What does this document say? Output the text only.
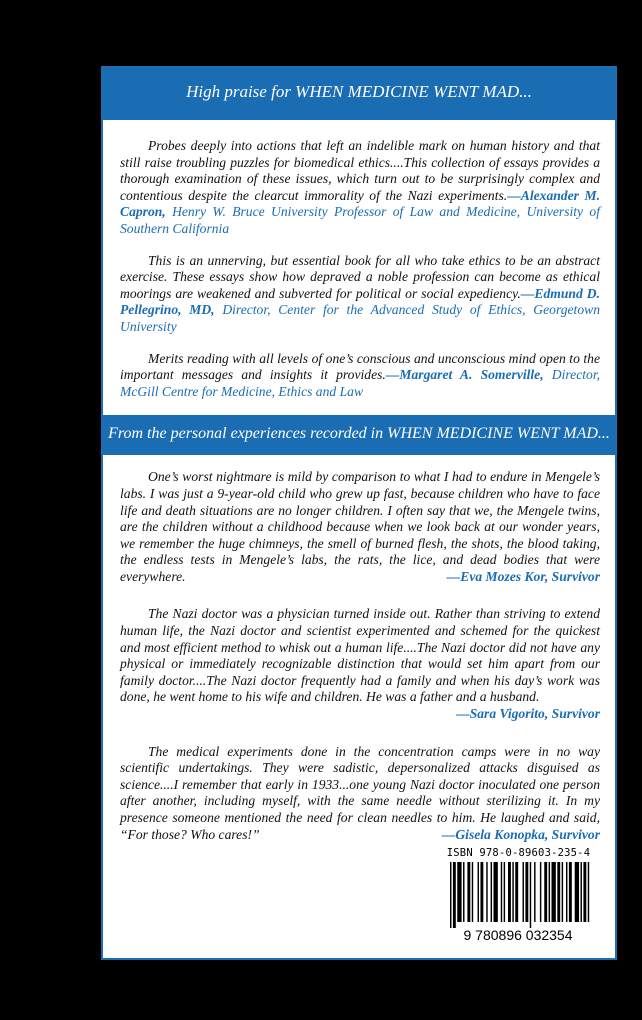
High praise for WHEN MEDICINE WENT MAD...

Probes deeply into actions that left an indelible mark on human history and that still raise troubling puzzles for biomedical ethics....This collection of essays provides a thorough examination of these issues, which turn out to be surprisingly complex and contentious despite the clearcut immorality of the Nazi experiments.—Alexander M. Capron, Henry W. Bruce University Professor of Law and Medicine, University of Southern California

This is an unnerving, but essential book for all who take ethics to be an abstract exercise. These essays show how depraved a noble profession can become as ethical moorings are weakened and subverted for political or social expediency.—Edmund D. Pellegrino, MD, Director, Center for the Advanced Study of Ethics, Georgetown University

Merits reading with all levels of one’s conscious and unconscious mind open to the important messages and insights it provides.—Margaret A. Somerville, Director, McGill Centre for Medicine, Ethics and Law

From the personal experiences recorded in WHEN MEDICINE WENT MAD...

One’s worst nightmare is mild by comparison to what I had to endure in Mengele’s labs. I was just a 9-year-old child who grew up fast, because children who have to face life and death situations are no longer children. I often say that we, the Mengele twins, are the children without a childhood because when we look back at our wonder years, we remember the huge chimneys, the smell of burned flesh, the shots, the blood taking, the endless tests in Mengele’s labs, the rats, the lice, and dead bodies that were everywhere.	—Eva Mozes Kor, Survivor

The Nazi doctor was a physician turned inside out. Rather than striving to extend human life, the Nazi doctor and scientist experimented and schemed for the quickest and most efficient method to whisk out a human life....The Nazi doctor did not have any physical or immediately recognizable distinction that would set him apart from our family doctor....The Nazi doctor frequently had a family and when his day’s work was done, he went home to his wife and children. He was a father and a husband.

—Sara Vigorito, Survivor

The medical experiments done in the concentration camps were in no way scientific undertakings. They were sadistic, depersonalized attacks disguised as science....I remember that early in 1933...one young Nazi doctor inoculated one person after another, including myself, with the same needle without sterilizing it. In my presence someone mentioned the need for clean needles to him. He laughed and said, “For those? Who cares!”	—Gisela Konopka, Survivor

ISBN 978-0-89603-235-4
9 780896 032354
